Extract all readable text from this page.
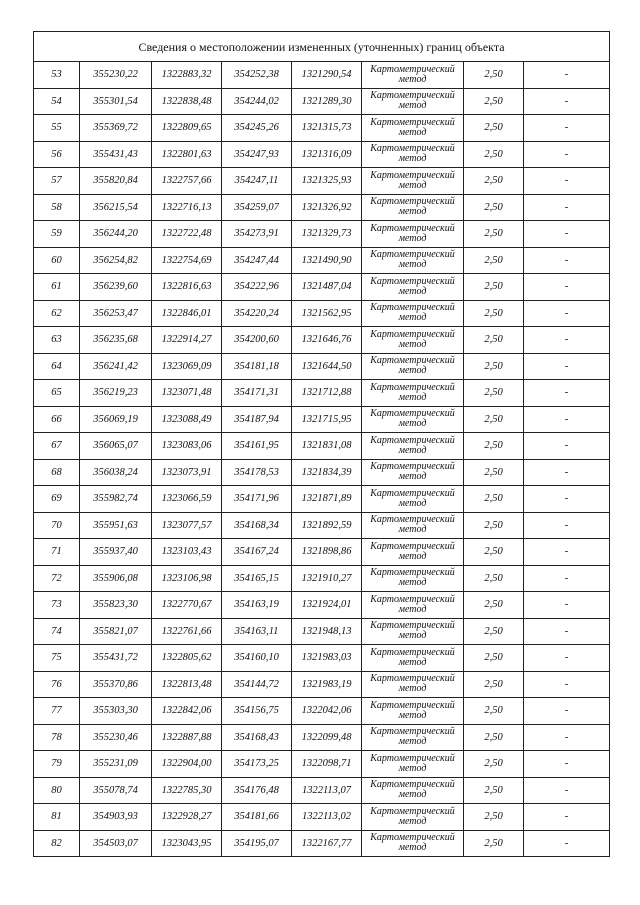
Сведения о местоположении измененных (уточненных) границ объекта							
53	355230,22	1322883,32	354252,38	1321290,54	Картометрический метод	2,50	-
54	355301,54	1322838,48	354244,02	1321289,30	Картометрический метод	2,50	-
55	355369,72	1322809,65	354245,26	1321315,73	Картометрический метод	2,50	-
56	355431,43	1322801,63	354247,93	1321316,09	Картометрический метод	2,50	-
57	355820,84	1322757,66	354247,11	1321325,93	Картометрический метод	2,50	-
58	356215,54	1322716,13	354259,07	1321326,92	Картометрический метод	2,50	-
59	356244,20	1322722,48	354273,91	1321329,73	Картометрический метод	2,50	-
60	356254,82	1322754,69	354247,44	1321490,90	Картометрический метод	2,50	-
61	356239,60	1322816,63	354222,96	1321487,04	Картометрический метод	2,50	-
62	356253,47	1322846,01	354220,24	1321562,95	Картометрический метод	2,50	-
63	356235,68	1322914,27	354200,60	1321646,76	Картометрический метод	2,50	-
64	356241,42	1323069,09	354181,18	1321644,50	Картометрический метод	2,50	-
65	356219,23	1323071,48	354171,31	1321712,88	Картометрический метод	2,50	-
66	356069,19	1323088,49	354187,94	1321715,95	Картометрический метод	2,50	-
67	356065,07	1323083,06	354161,95	1321831,08	Картометрический метод	2,50	-
68	356038,24	1323073,91	354178,53	1321834,39	Картометрический метод	2,50	-
69	355982,74	1323066,59	354171,96	1321871,89	Картометрический метод	2,50	-
70	355951,63	1323077,57	354168,34	1321892,59	Картометрический метод	2,50	-
71	355937,40	1323103,43	354167,24	1321898,86	Картометрический метод	2,50	-
72	355906,08	1323106,98	354165,15	1321910,27	Картометрический метод	2,50	-
73	355823,30	1322770,67	354163,19	1321924,01	Картометрический метод	2,50	-
74	355821,07	1322761,66	354163,11	1321948,13	Картометрический метод	2,50	-
75	355431,72	1322805,62	354160,10	1321983,03	Картометрический метод	2,50	-
76	355370,86	1322813,48	354144,72	1321983,19	Картометрический метод	2,50	-
77	355303,30	1322842,06	354156,75	1322042,06	Картометрический метод	2,50	-
78	355230,46	1322887,88	354168,43	1322099,48	Картометрический метод	2,50	-
79	355231,09	1322904,00	354173,25	1322098,71	Картометрический метод	2,50	-
80	355078,74	1322785,30	354176,48	1322113,07	Картометрический метод	2,50	-
81	354903,93	1322928,27	354181,66	1322113,02	Картометрический метод	2,50	-
82	354503,07	1323043,95	354195,07	1322167,77	Картометрический метод	2,50	-
